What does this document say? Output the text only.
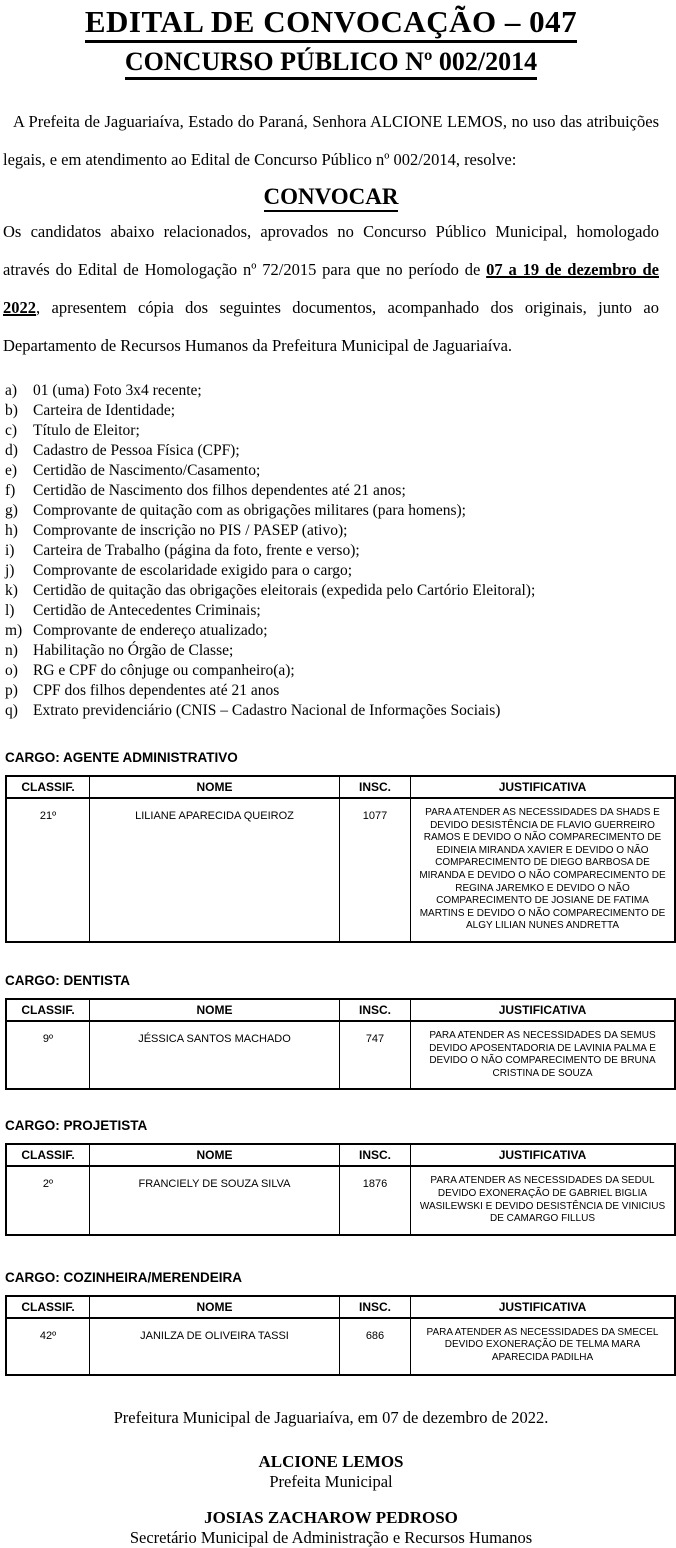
EDITAL DE CONVOCAÇÃO – 047
CONCURSO PÚBLICO Nº 002/2014

A Prefeita de Jaguariaíva, Estado do Paraná, Senhora ALCIONE LEMOS, no uso das atribuições legais, e em atendimento ao Edital de Concurso Público nº 002/2014, resolve:

CONVOCAR

Os candidatos abaixo relacionados, aprovados no Concurso Público Municipal, homologado através do Edital de Homologação nº 72/2015 para que no período de 07 a 19 de dezembro de 2022, apresentem cópia dos seguintes documentos, acompanhado dos originais, junto ao Departamento de Recursos Humanos da Prefeitura Municipal de Jaguariaíva.

a)	01 (uma) Foto 3x4 recente;
b) Carteira de Identidade;
c)	Título de Eleitor;
d) Cadastro de Pessoa Física (CPF);
e)	Certidão de Nascimento/Casamento;
f)	Certidão de Nascimento dos filhos dependentes até 21 anos;
g) Comprovante de quitação com as obrigações militares (para homens);
h) Comprovante de inscrição no PIS / PASEP (ativo);
i)	Carteira de Trabalho (página da foto, frente e verso);
j)	Comprovante de escolaridade exigido para o cargo;
k) Certidão de quitação das obrigações eleitorais (expedida pelo Cartório Eleitoral);
l)	Certidão de Antecedentes Criminais;
m) Comprovante de endereço atualizado;
n) Habilitação no Órgão de Classe;
o) RG e CPF do cônjuge ou companheiro(a);
p) CPF dos filhos dependentes até 21 anos
q) Extrato previdenciário (CNIS – Cadastro Nacional de Informações Sociais)
CARGO: AGENTE ADMINISTRATIVO
CLASSIF.	NOME	INSC.	JUSTIFICATIVA
21º	LILIANE APARECIDA QUEIROZ	1077	PARA ATENDER AS NECESSIDADES DA SHADS E DEVIDO DESISTÊNCIA DE FLAVIO GUERREIRO RAMOS E DEVIDO O NÃO COMPARECIMENTO DE EDINEIA MIRANDA XAVIER E DEVIDO O NÃO COMPARECIMENTO DE DIEGO BARBOSA DE MIRANDA E DEVIDO O NÃO COMPARECIMENTO DE REGINA JAREMKO E DEVIDO O NÃO COMPARECIMENTO DE JOSIANE DE FATIMA MARTINS E DEVIDO O NÃO COMPARECIMENTO DE ALGY LILIAN NUNES ANDRETTA
CARGO: DENTISTA
CLASSIF.	NOME	INSC.	JUSTIFICATIVA
9º	JÉSSICA SANTOS MACHADO	747	PARA ATENDER AS NECESSIDADES DA SEMUS DEVIDO APOSENTADORIA DE LAVINIA PALMA E DEVIDO O NÃO COMPARECIMENTO DE BRUNA CRISTINA DE SOUZA
CARGO: PROJETISTA
CLASSIF.	NOME	INSC.	JUSTIFICATIVA
2º	FRANCIELY DE SOUZA SILVA	1876	PARA ATENDER AS NECESSIDADES DA SEDUL DEVIDO EXONERAÇÃO DE GABRIEL BIGLIA WASILEWSKI E DEVIDO DESISTÊNCIA DE VINICIUS DE CAMARGO FILLUS
CARGO: COZINHEIRA/MERENDEIRA
CLASSIF.	NOME	INSC.	JUSTIFICATIVA
42º	JANILZA DE OLIVEIRA TASSI	686	PARA ATENDER AS NECESSIDADES DA SMECEL DEVIDO EXONERAÇÃO DE TELMA MARA APARECIDA PADILHA
Prefeitura Municipal de Jaguariaíva, em 07 de dezembro de 2022.
ALCIONE LEMOS
Prefeita Municipal
JOSIAS ZACHAROW PEDROSO
Secretário Municipal de Administração e Recursos Humanos
